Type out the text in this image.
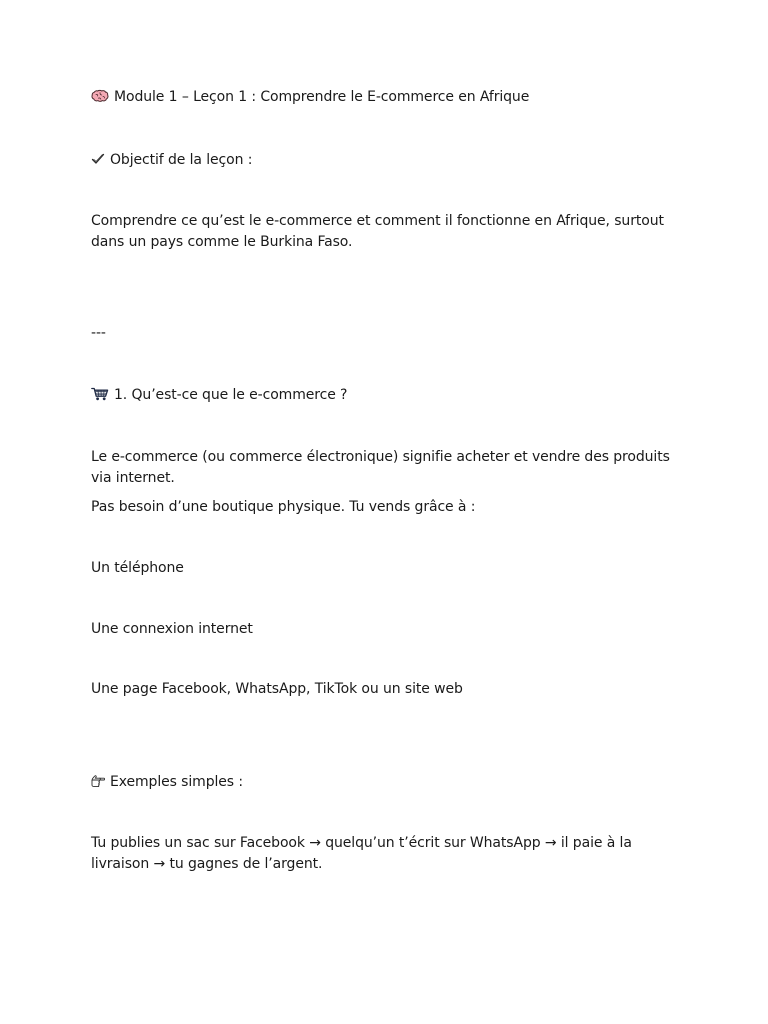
Module 1 – Leçon 1 : Comprendre le E-commerce en Afrique
Objectif de la leçon :
Comprendre ce qu’est le e-commerce et comment il fonctionne en Afrique, surtout dans un pays comme le Burkina Faso.
---
1. Qu’est-ce que le e-commerce ?
Le e-commerce (ou commerce électronique) signifie acheter et vendre des produits via internet.
Pas besoin d’une boutique physique. Tu vends grâce à :
Un téléphone
Une connexion internet
Une page Facebook, WhatsApp, TikTok ou un site web
Exemples simples :
Tu publies un sac sur Facebook → quelqu’un t’écrit sur WhatsApp → il paie à la livraison → tu gagnes de l’argent.
